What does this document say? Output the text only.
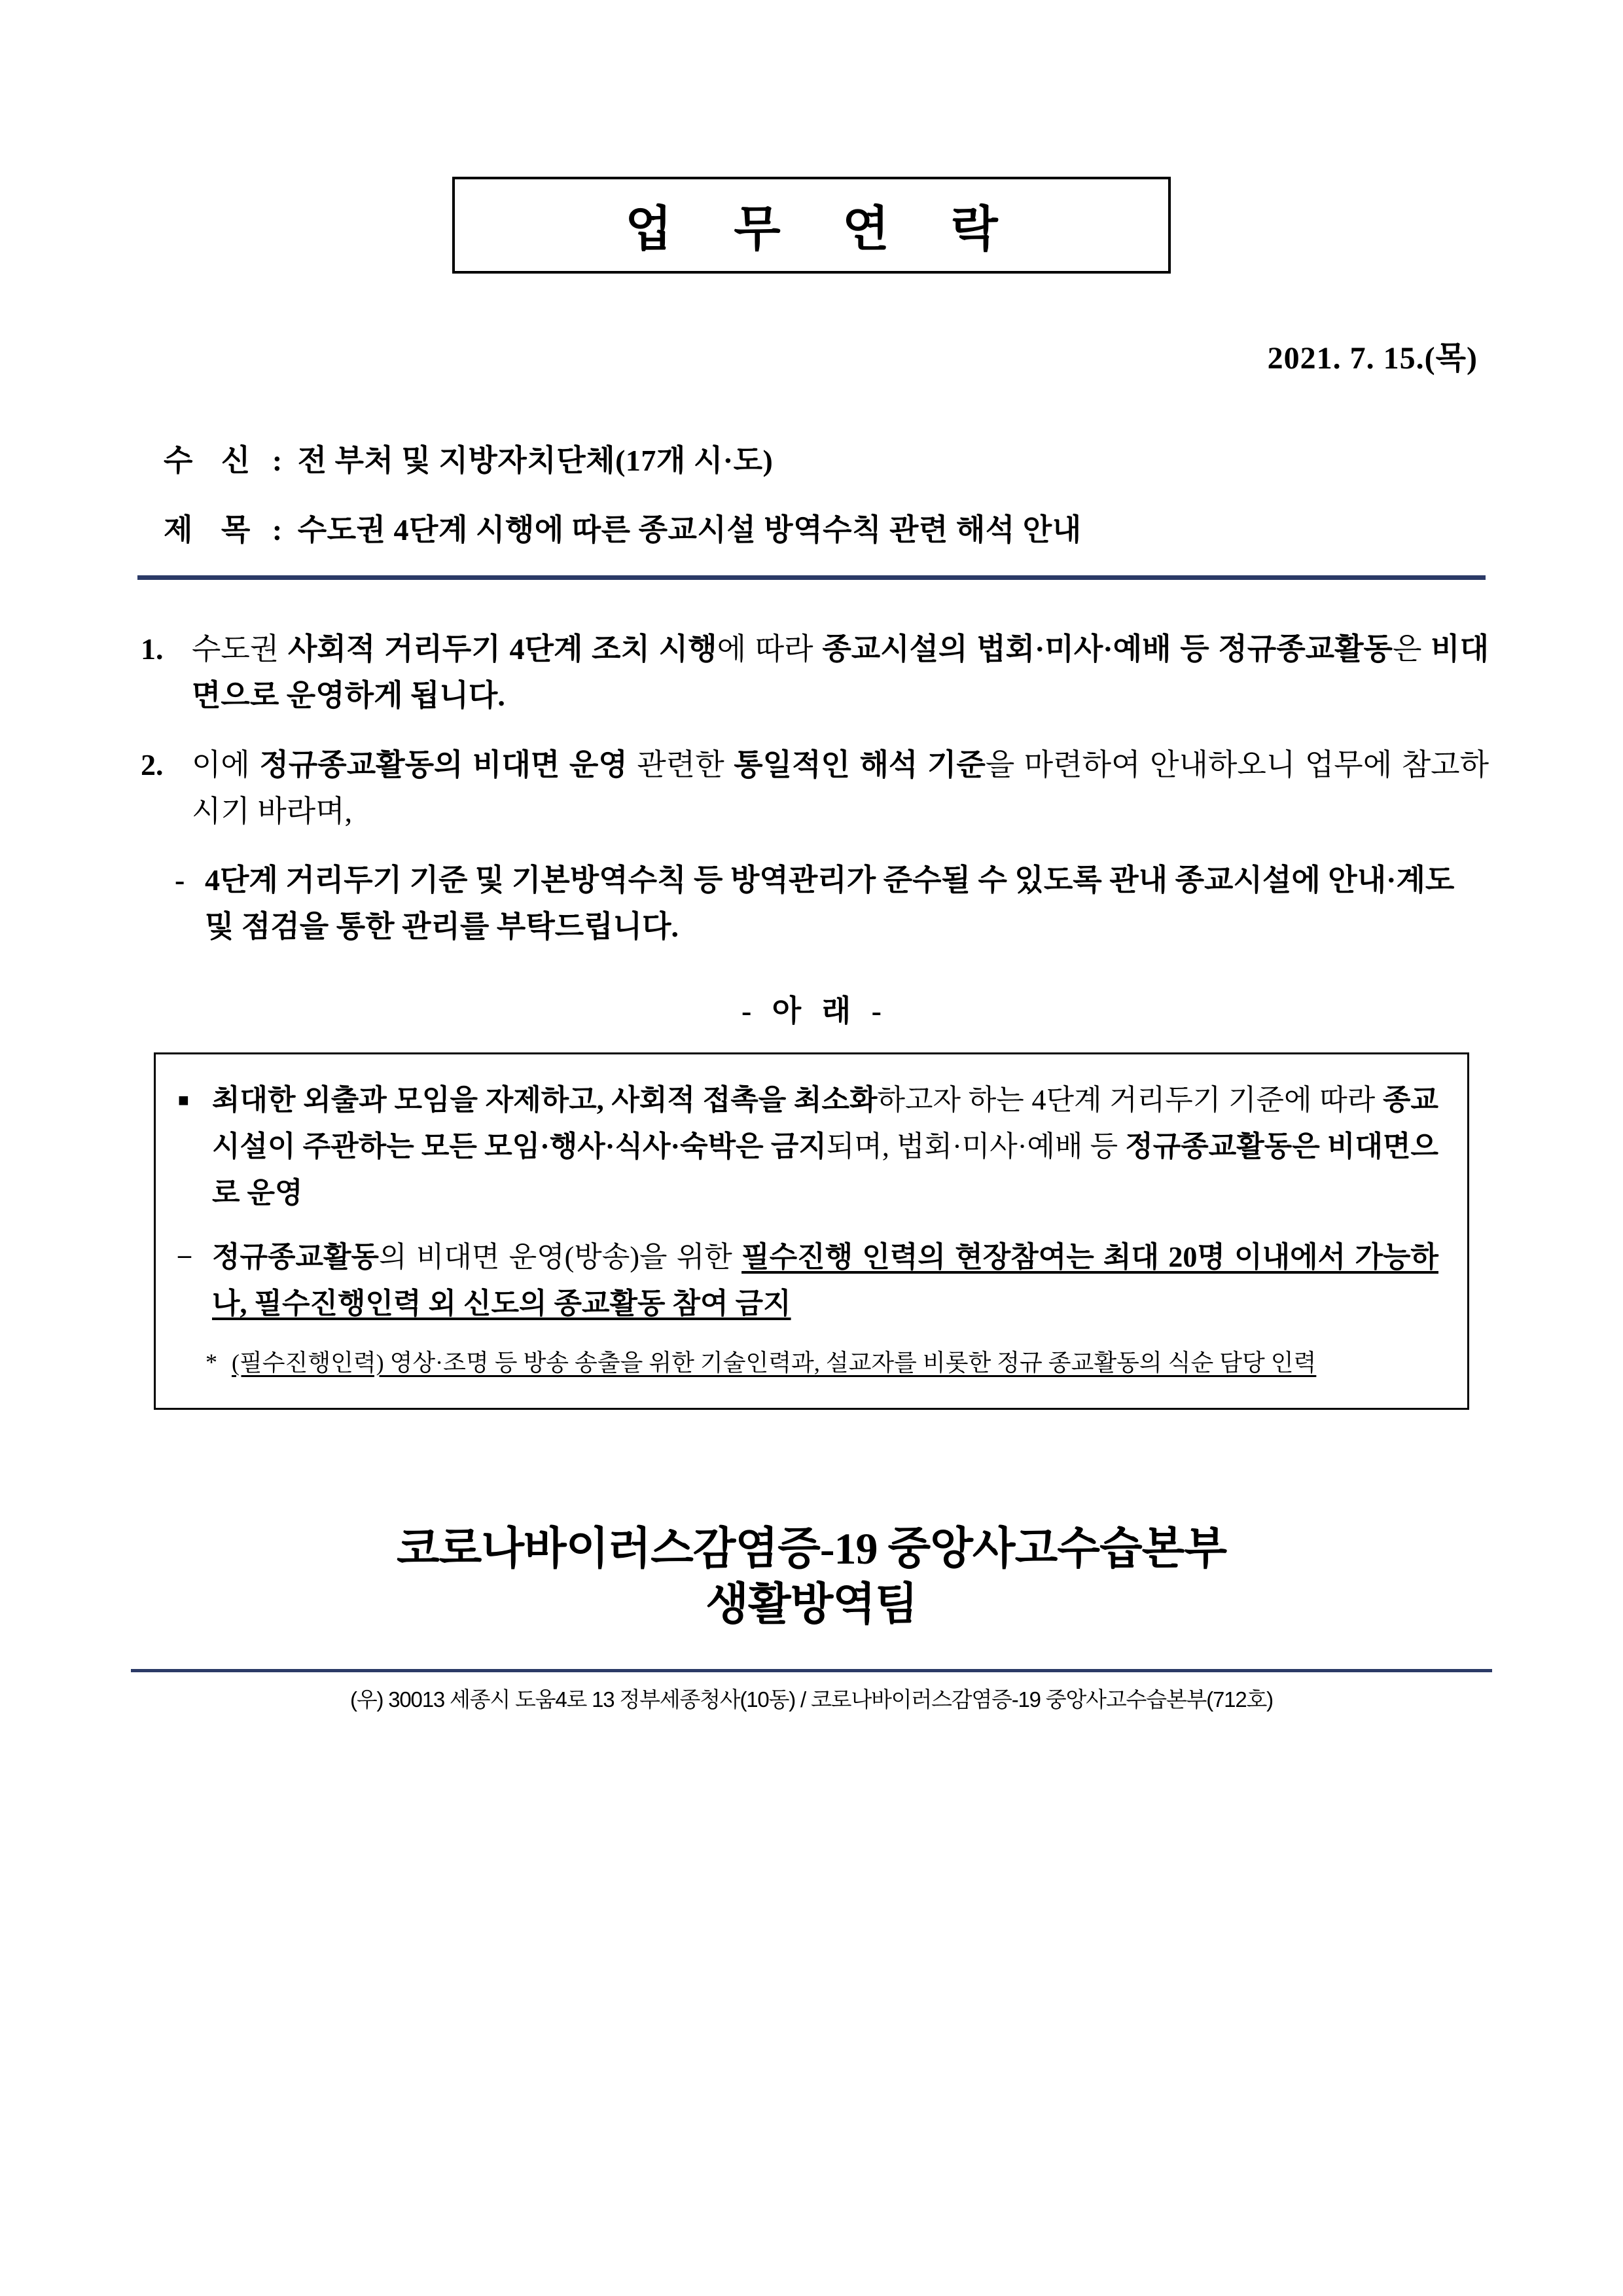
업 무 연 락
2021. 7. 15.(목)
수 신 : 전 부처 및 지방자치단체(17개 시·도)
제 목 : 수도권 4단계 시행에 따른 종교시설 방역수칙 관련 해석 안내
1. 수도권 사회적 거리두기 4단계 조치 시행에 따라 종교시설의 법회·미사·예배 등 정규종교활동은 비대면으로 운영하게 됩니다.
2. 이에 정규종교활동의 비대면 운영 관련한 통일적인 해석 기준을 마련하여 안내하오니 업무에 참고하시기 바라며,
- 4단계 거리두기 기준 및 기본방역수칙 등 방역관리가 준수될 수 있도록 관내 종교시설에 안내·계도 및 점검을 통한 관리를 부탁드립니다.
- 아 래 -
■ 최대한 외출과 모임을 자제하고, 사회적 접촉을 최소화하고자 하는 4단계 거리두기 기준에 따라 종교시설이 주관하는 모든 모임·행사·식사·숙박은 금지되며, 법회·미사·예배 등 정규종교활동은 비대면으로 운영
– 정규종교활동의 비대면 운영(방송)을 위한 필수진행 인력의 현장참여는 최대 20명 이내에서 가능하나, 필수진행인력 외 신도의 종교활동 참여 금지
* (필수진행인력) 영상·조명 등 방송 송출을 위한 기술인력과, 설교자를 비롯한 정규 종교활동의 식순 담당 인력
코로나바이러스감염증-19 중앙사고수습본부
생활방역팀
(우) 30013 세종시 도움4로 13 정부세종청사(10동) / 코로나바이러스감염증-19 중앙사고수습본부(712호)
